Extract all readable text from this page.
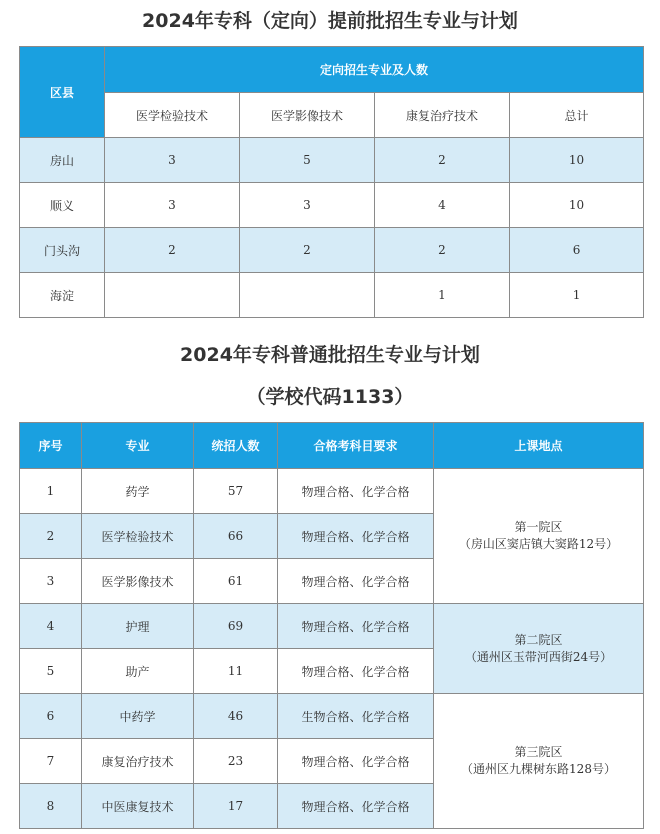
2024年专科（定向）提前批招生专业与计划
区县	定向招生专业及人数			
	医学检验技术	医学影像技术	康复治疗技术	总计
房山	3	5	2	10
顺义	3	3	4	10
门头沟	2	2	2	6
海淀			1	1
2024年专科普通批招生专业与计划
（学校代码1133）
序号	专业	统招人数	合格考科目要求	上课地点
1	药学	57	物理合格、化学合格	第一院区
（房山区窦店镇大窦路12号）

2	医学检验技术	66	物理合格、化学合格	
3	医学影像技术	61	物理合格、化学合格	
4	护理	69	物理合格、化学合格	第二院区
（通州区玉带河西街24号）

5	助产	11	物理合格、化学合格	
6	中药学	46	生物合格、化学合格	第三院区
（通州区九棵树东路128号）

7	康复治疗技术	23	物理合格、化学合格	
8	中医康复技术	17	物理合格、化学合格	
